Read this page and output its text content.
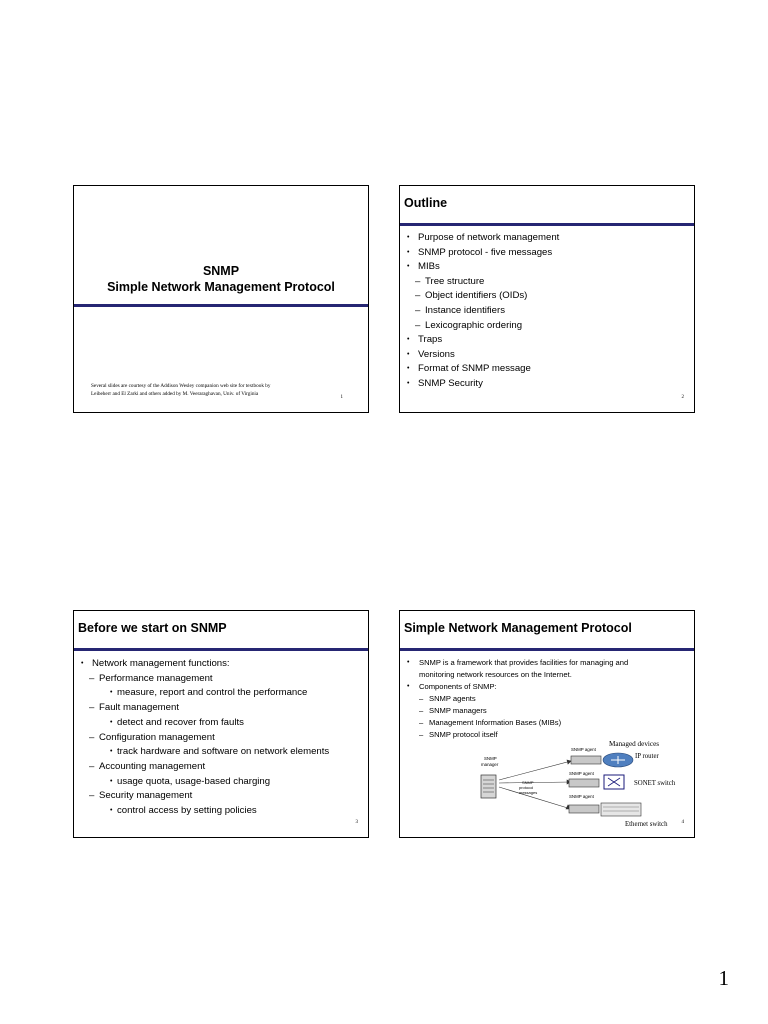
SNMP
Simple Network Management Protocol
Several slides are courtesy of the Addison Wesley companion web site for textbook by
Leibeherr and El Zarki and others added by M. Veeraraghavan, Univ. of Virginia
1
Outline
• Purpose of network management
• SNMP protocol - five messages
• MIBs
– Tree structure
– Object identifiers (OIDs)
– Instance identifiers
– Lexicographic ordering
• Traps
• Versions
• Format of SNMP message
• SNMP Security
2
Before we start on SNMP
• Network management functions:
– Performance management
• measure, report and control the performance
– Fault management
• detect and recover from faults
– Configuration management
• track hardware and software on network elements
– Accounting management
• usage quota, usage-based charging
– Security management
• control access by setting policies
3
Simple Network Management Protocol
• SNMP is a framework that provides facilities for managing and
monitoring network resources on the Internet.
• Components of SNMP:
– SNMP agents
– SNMP managers
– Management Information Bases (MIBs)
– SNMP protocol itself
Managed devices
SNMP
manager
SNMP
protocol
messages
SNMP agent
IP router
SNMP agent
SONET switch
SNMP agent
Ethernet switch	4
1
